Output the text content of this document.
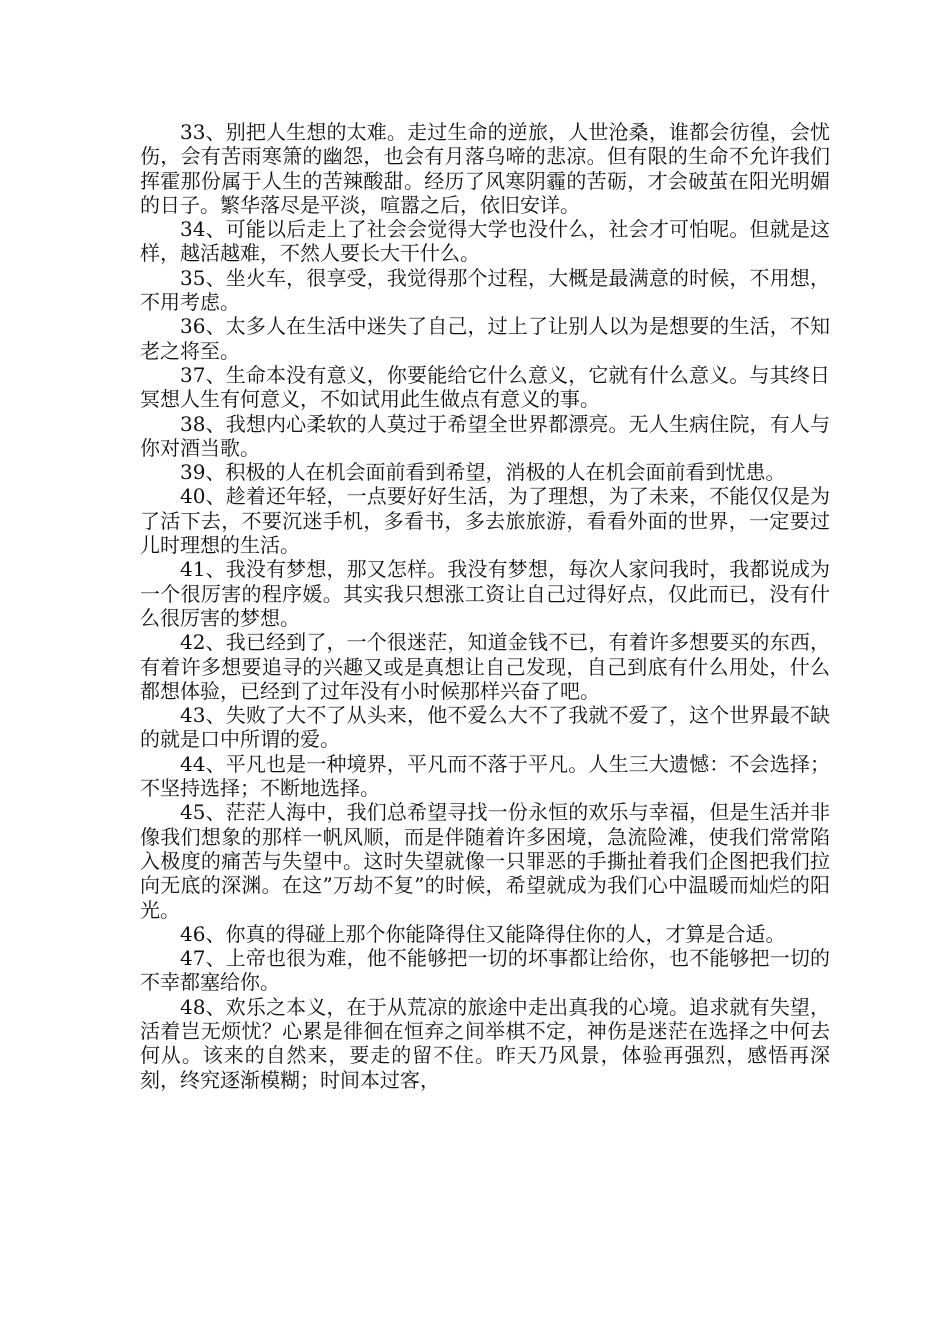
33、别把人生想的太难。走过生命的逆旅，人世沧桑，谁都会彷徨，会忧伤，会有苦雨寒箫的幽怨，也会有月落乌啼的悲凉。但有限的生命不允许我们挥霍那份属于人生的苦辣酸甜。经历了风寒阴霾的苦砺，才会破茧在阳光明媚的日子。繁华落尽是平淡，喧嚣之后，依旧安详。

34、可能以后走上了社会会觉得大学也没什么，社会才可怕呢。但就是这样，越活越难，不然人要长大干什么。

35、坐火车，很享受，我觉得那个过程，大概是最满意的时候，不用想，不用考虑。

36、太多人在生活中迷失了自己，过上了让别人以为是想要的生活，不知老之将至。

37、生命本没有意义，你要能给它什么意义，它就有什么意义。与其终日冥想人生有何意义，不如试用此生做点有意义的事。

38、我想内心柔软的人莫过于希望全世界都漂亮。无人生病住院，有人与你对酒当歌。

39、积极的人在机会面前看到希望，消极的人在机会面前看到忧患。

40、趁着还年轻，一点要好好生活，为了理想，为了未来，不能仅仅是为了活下去，不要沉迷手机，多看书，多去旅旅游，看看外面的世界，一定要过儿时理想的生活。

41、我没有梦想，那又怎样。我没有梦想，每次人家问我时，我都说成为一个很厉害的程序媛。其实我只想涨工资让自己过得好点，仅此而已，没有什么很厉害的梦想。

42、我已经到了，一个很迷茫，知道金钱不已，有着许多想要买的东西，有着许多想要追寻的兴趣又或是真想让自己发现，自己到底有什么用处，什么都想体验，已经到了过年没有小时候那样兴奋了吧。

43、失败了大不了从头来，他不爱么大不了我就不爱了，这个世界最不缺的就是口中所谓的爱。

44、平凡也是一种境界，平凡而不落于平凡。人生三大遗憾：不会选择；不坚持选择；不断地选择。

45、茫茫人海中，我们总希望寻找一份永恒的欢乐与幸福，但是生活并非像我们想象的那样一帆风顺，而是伴随着许多困境，急流险滩，使我们常常陷入极度的痛苦与失望中。这时失望就像一只罪恶的手撕扯着我们企图把我们拉向无底的深渊。在这”万劫不复”的时候，希望就成为我们心中温暖而灿烂的阳光。

46、你真的得碰上那个你能降得住又能降得住你的人，才算是合适。

47、上帝也很为难，他不能够把一切的坏事都让给你，也不能够把一切的不幸都塞给你。

48、欢乐之本义，在于从荒凉的旅途中走出真我的心境。追求就有失望，活着岂无烦忧？心累是徘徊在恒弃之间举棋不定，神伤是迷茫在选择之中何去何从。该来的自然来，要走的留不住。昨天乃风景，体验再强烈，感悟再深刻，终究逐渐模糊；时间本过客，
